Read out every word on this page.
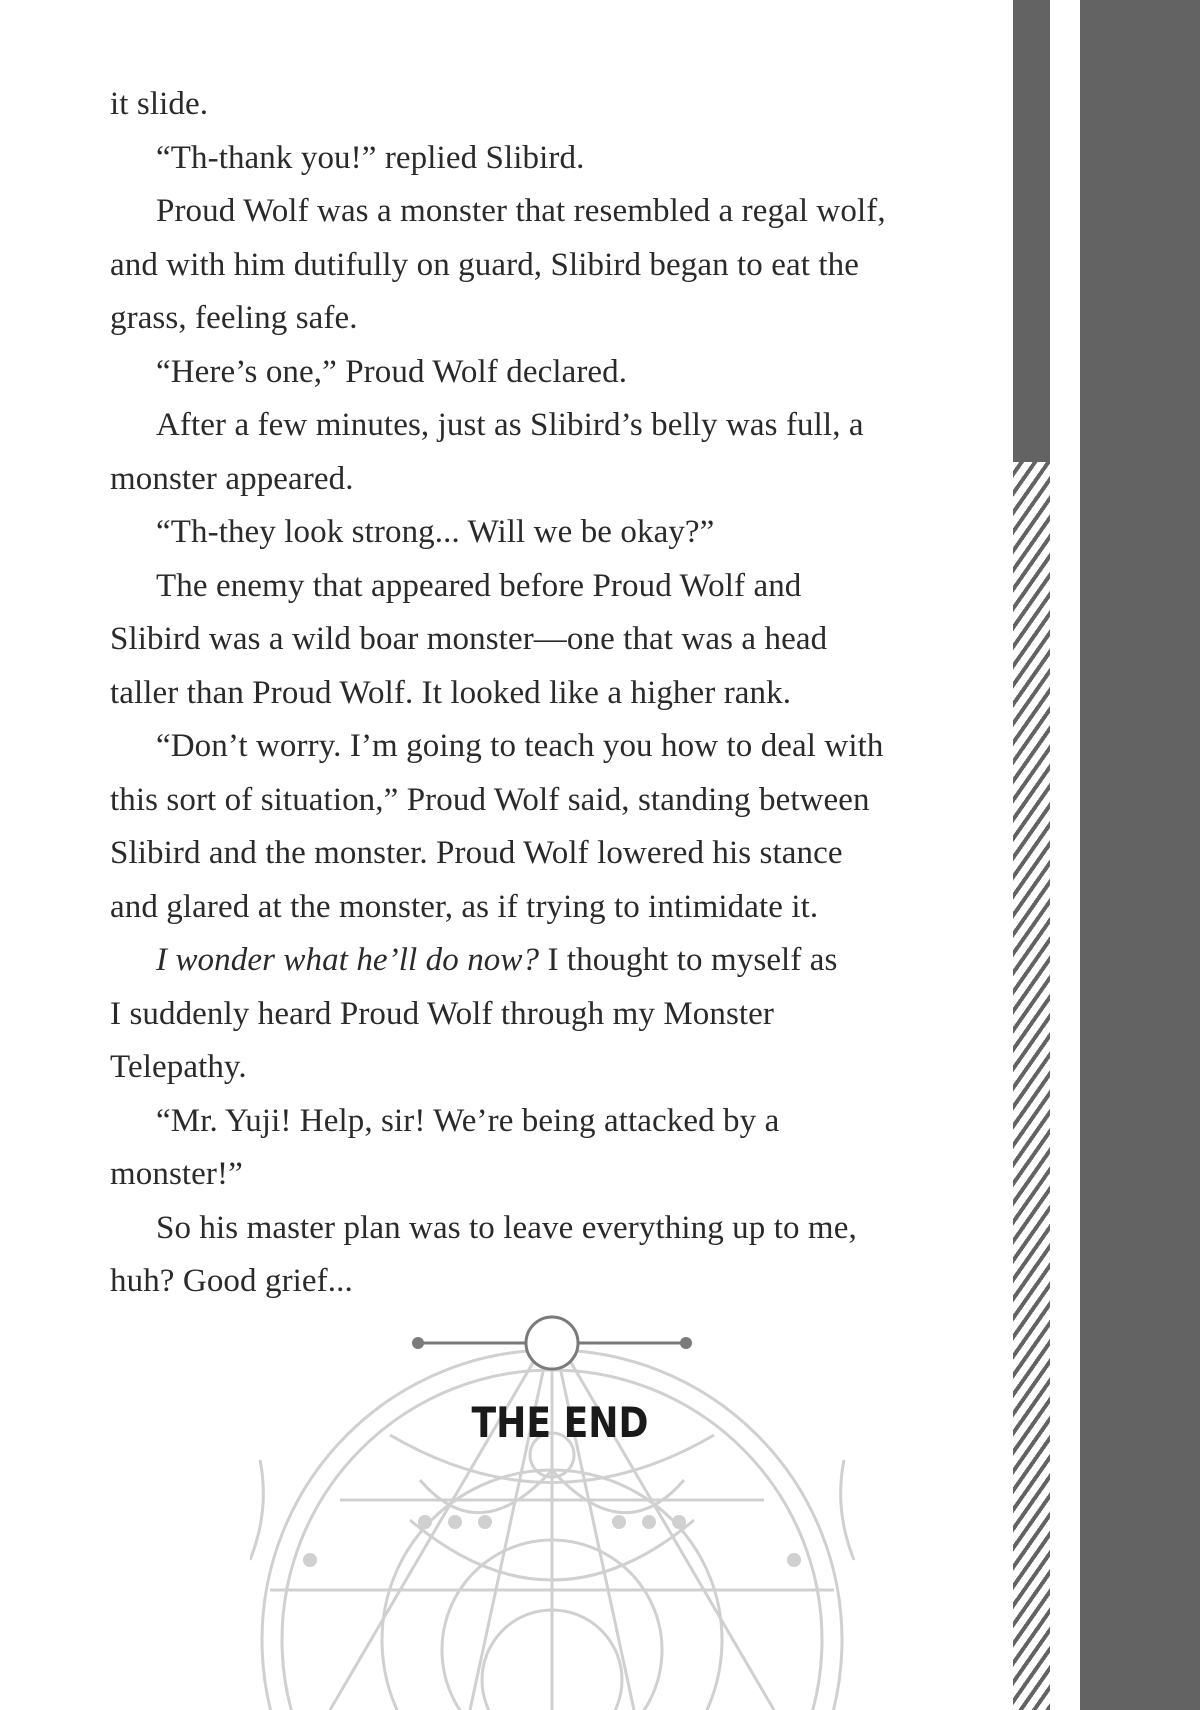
it slide.
“Th-thank you!” replied Slibird.
Proud Wolf was a monster that resembled a regal wolf,
and with him dutifully on guard, Slibird began to eat the
grass, feeling safe.
“Here’s one,” Proud Wolf declared.
After a few minutes, just as Slibird’s belly was full, a
monster appeared.
“Th-they look strong... Will we be okay?”
The enemy that appeared before Proud Wolf and
Slibird was a wild boar monster—one that was a head
taller than Proud Wolf. It looked like a higher rank.
“Don’t worry. I’m going to teach you how to deal with
this sort of situation,” Proud Wolf said, standing between
Slibird and the monster. Proud Wolf lowered his stance
and glared at the monster, as if trying to intimidate it.
I wonder what he’ll do now? I thought to myself as
I suddenly heard Proud Wolf through my Monster
Telepathy.
“Mr. Yuji! Help, sir! We’re being attacked by a
monster!”
So his master plan was to leave everything up to me,
huh? Good grief...
THE END
